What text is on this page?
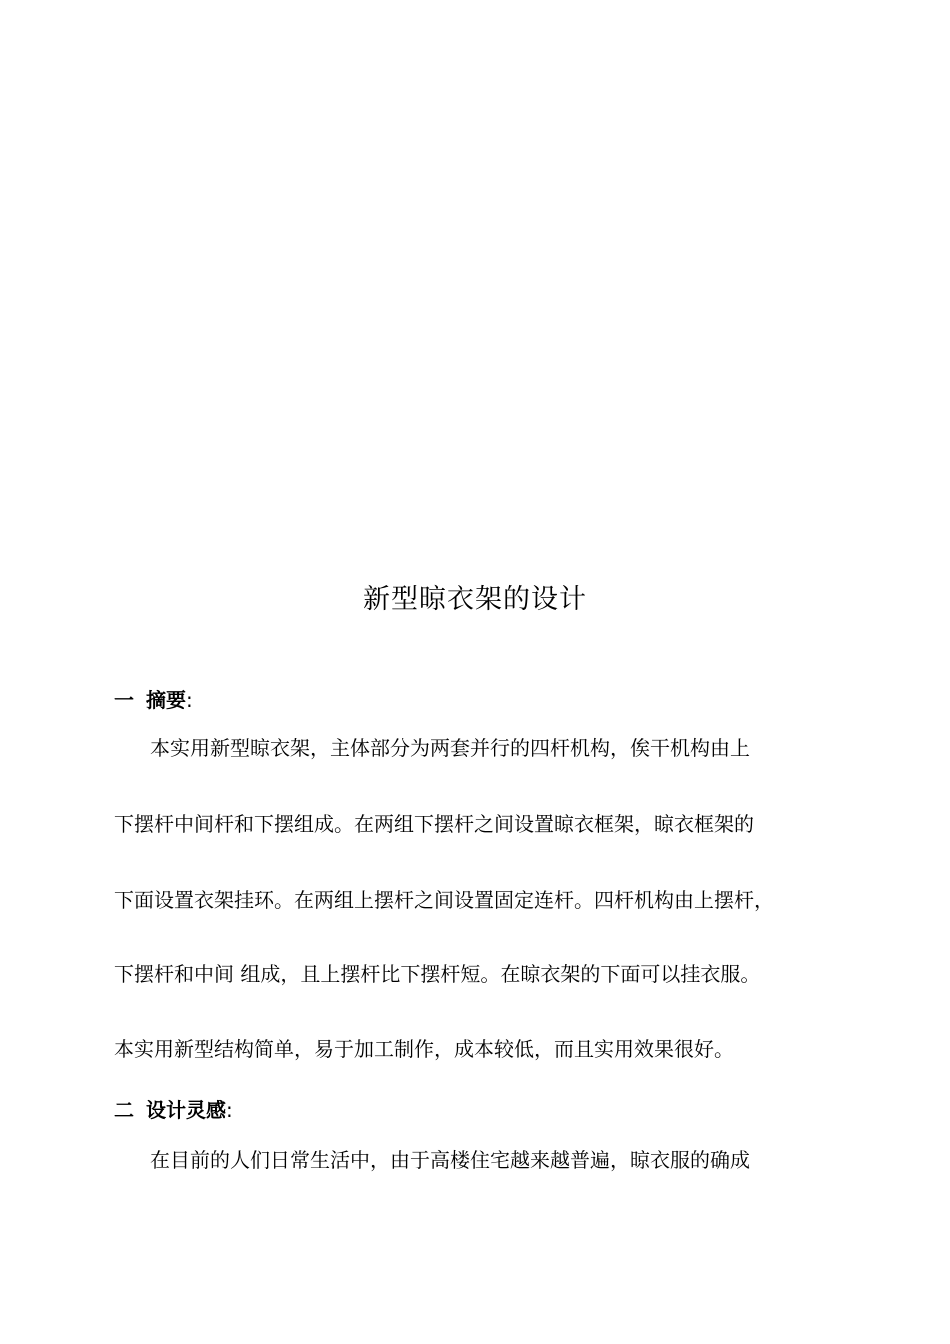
新型晾衣架的设计
一 摘要:
本实用新型晾衣架，主体部分为两套并行的四杆机构，俟干机构由上
下摆杆中间杆和下摆组成。在两组下摆杆之间设置晾衣框架，晾衣框架的
下面设置衣架挂环。在两组上摆杆之间设置固定连杆。四杆机构由上摆杆，
下摆杆和中间 组成，且上摆杆比下摆杆短。在晾衣架的下面可以挂衣服。
本实用新型结构简单，易于加工制作，成本较低，而且实用效果很好。
二 设计灵感:
在目前的人们日常生活中，由于高楼住宅越来越普遍，晾衣服的确成
